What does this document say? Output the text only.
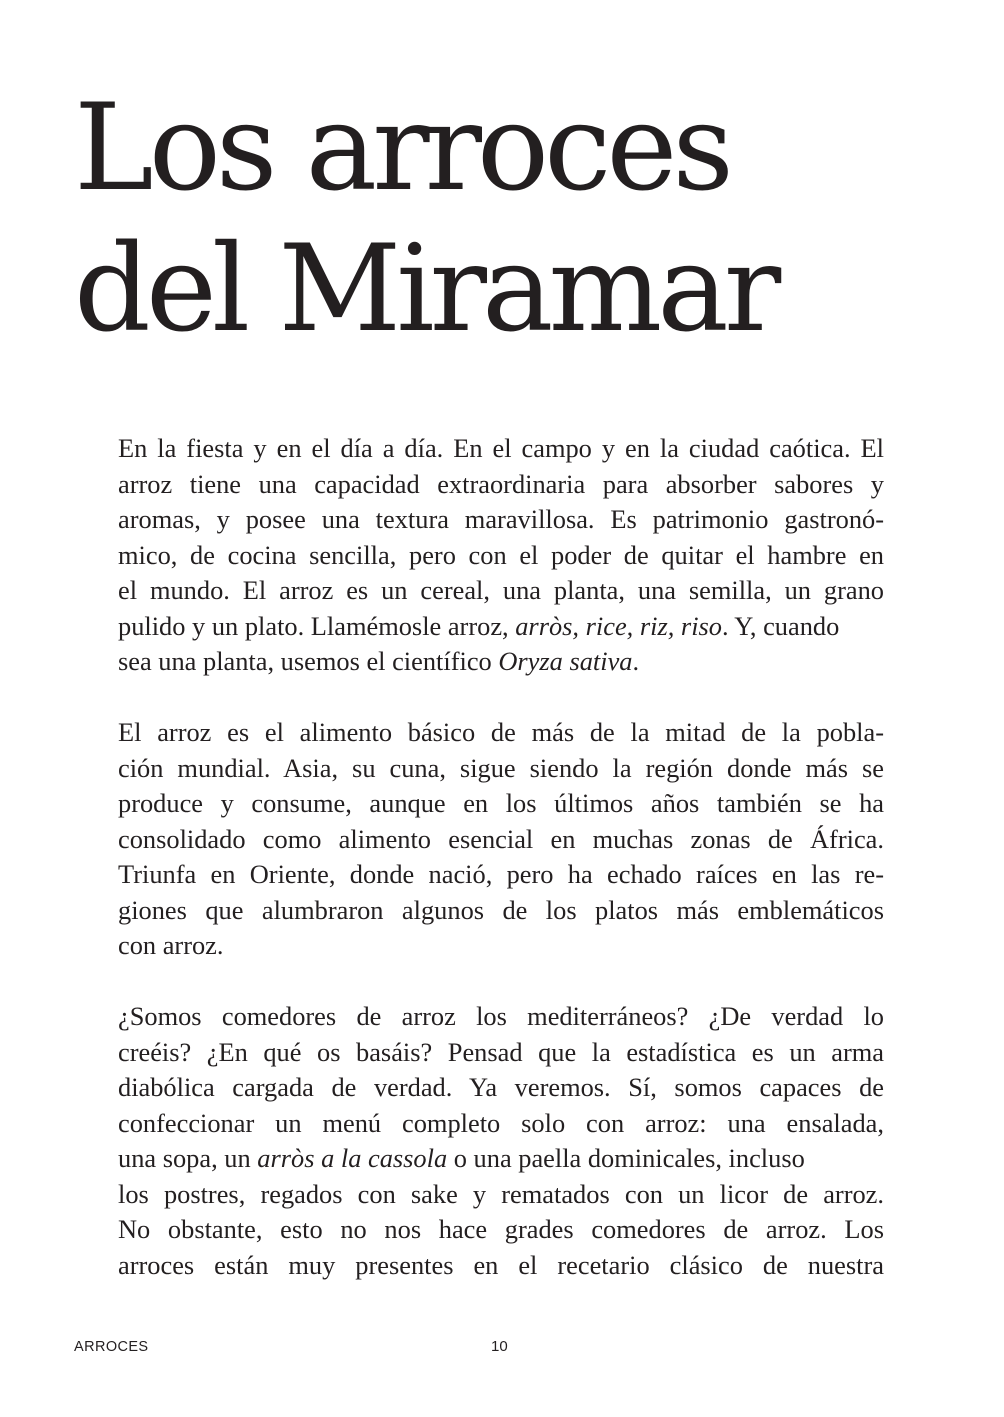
Los arroces
del Miramar

En la fiesta y en el día a día. En el campo y en la ciudad caótica. El
arroz tiene una capacidad extraordinaria para absorber sabores y
aromas, y posee una textura maravillosa. Es patrimonio gastronó-
mico, de cocina sencilla, pero con el poder de quitar el hambre en
el mundo. El arroz es un cereal, una planta, una semilla, un grano
pulido y un plato. Llamémosle arroz, arròs, rice, riz, riso. Y, cuando
sea una planta, usemos el científico Oryza sativa.

El arroz es el alimento básico de más de la mitad de la pobla-
ción mundial. Asia, su cuna, sigue siendo la región donde más se
produce y consume, aunque en los últimos años también se ha
consolidado como alimento esencial en muchas zonas de África.
Triunfa en Oriente, donde nació, pero ha echado raíces en las re-
giones que alumbraron algunos de los platos más emblemáticos
con arroz.

¿Somos comedores de arroz los mediterráneos? ¿De verdad lo
creéis? ¿En qué os basáis? Pensad que la estadística es un arma
diabólica cargada de verdad. Ya veremos. Sí, somos capaces de
confeccionar un menú completo solo con arroz: una ensalada,
una sopa, un arròs a la cassola o una paella dominicales, incluso
los postres, regados con sake y rematados con un licor de arroz.
No obstante, esto no nos hace grades comedores de arroz. Los
arroces están muy presentes en el recetario clásico de nuestra

ARROCES	10
